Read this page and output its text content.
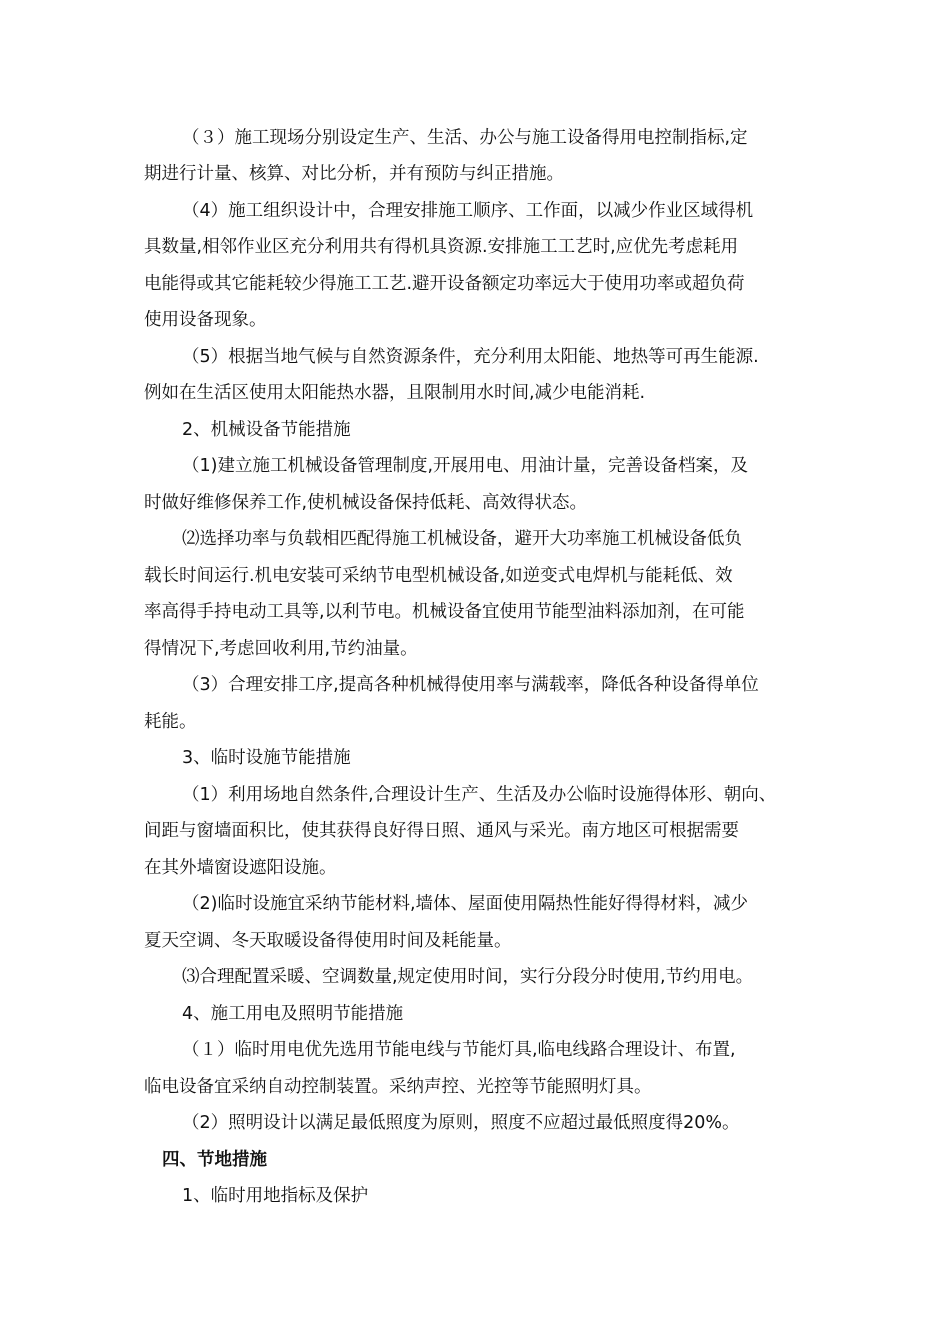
（３）施工现场分别设定生产、生活、办公与施工设备得用电控制指标,定
期进行计量、核算、对比分析，并有预防与纠正措施。
（4）施工组织设计中，合理安排施工顺序、工作面，以减少作业区域得机
具数量,相邻作业区充分利用共有得机具资源.安排施工工艺时,应优先考虑耗用
电能得或其它能耗较少得施工工艺.避开设备额定功率远大于使用功率或超负荷
使用设备现象。
（5）根据当地气候与自然资源条件，充分利用太阳能、地热等可再生能源.
例如在生活区使用太阳能热水器，且限制用水时间,减少电能消耗.
2、机械设备节能措施
（1)建立施工机械设备管理制度,开展用电、用油计量，完善设备档案，及
时做好维修保养工作,使机械设备保持低耗、高效得状态。
⑵选择功率与负载相匹配得施工机械设备，避开大功率施工机械设备低负
载长时间运行.机电安装可采纳节电型机械设备,如逆变式电焊机与能耗低、效
率高得手持电动工具等,以利节电。机械设备宜使用节能型油料添加剂，在可能
得情况下,考虑回收利用,节约油量。
（3）合理安排工序,提高各种机械得使用率与满载率，降低各种设备得单位
耗能。
3、临时设施节能措施
（1）利用场地自然条件,合理设计生产、生活及办公临时设施得体形、朝向、
间距与窗墙面积比，使其获得良好得日照、通风与采光。南方地区可根据需要
在其外墙窗设遮阳设施。
（2)临时设施宜采纳节能材料,墙体、屋面使用隔热性能好得得材料，减少
夏天空调、冬天取暖设备得使用时间及耗能量。
⑶合理配置采暖、空调数量,规定使用时间，实行分段分时使用,节约用电。
4、施工用电及照明节能措施
（１）临时用电优先选用节能电线与节能灯具,临电线路合理设计、布置,
临电设备宜采纳自动控制装置。采纳声控、光控等节能照明灯具。
（2）照明设计以满足最低照度为原则，照度不应超过最低照度得20%。
四、节地措施
1、临时用地指标及保护
